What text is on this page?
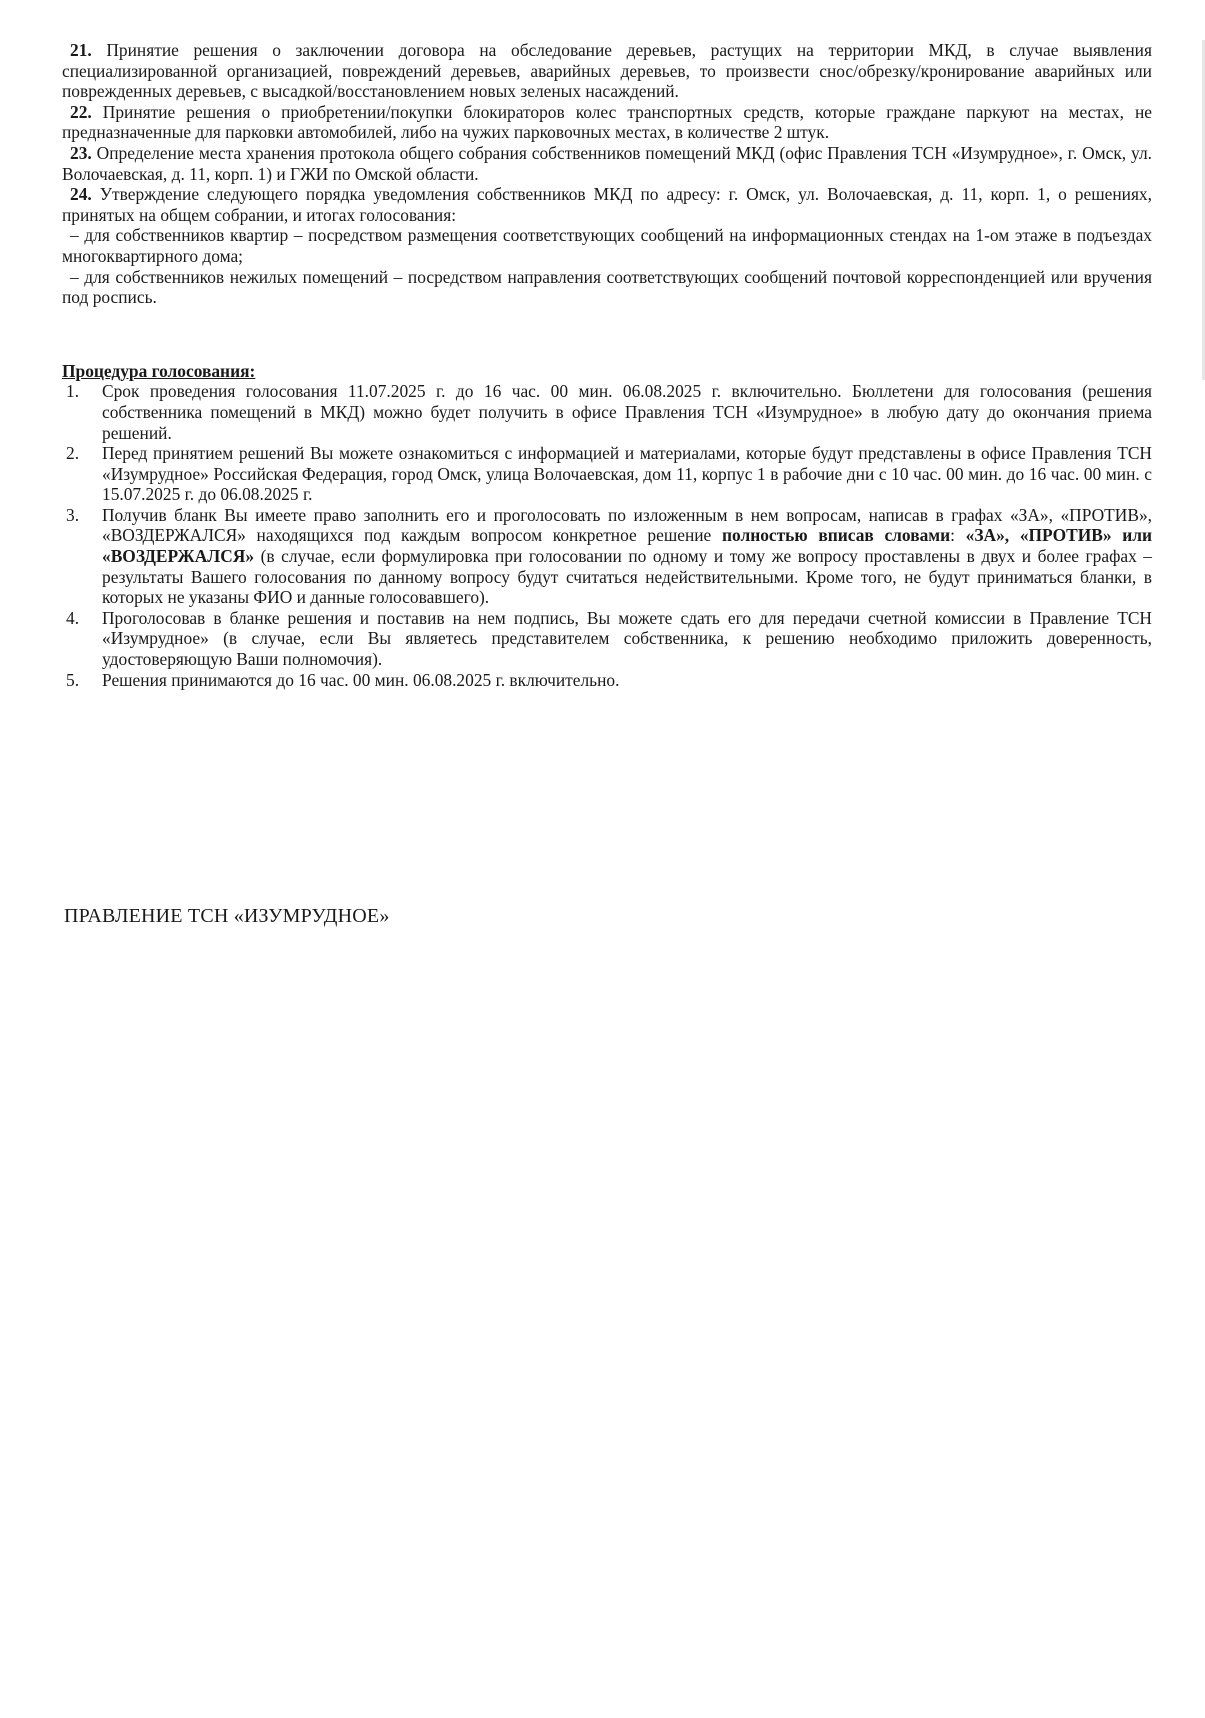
21. Принятие решения о заключении договора на обследование деревьев, растущих на территории МКД, в случае выявления специализированной организацией, повреждений деревьев, аварийных деревьев, то произвести снос/обрезку/кронирование аварийных или поврежденных деревьев, с высадкой/восстановлением новых зеленых насаждений.

22. Принятие решения о приобретении/покупки блокираторов колес транспортных средств, которые граждане паркуют на местах, не предназначенные для парковки автомобилей, либо на чужих парковочных местах, в количестве 2 штук.

23. Определение места хранения протокола общего собрания собственников помещений МКД (офис Правления ТСН «Изумрудное», г. Омск, ул. Волочаевская, д. 11, корп. 1) и ГЖИ по Омской области.

24. Утверждение следующего порядка уведомления собственников МКД по адресу: г. Омск, ул. Волочаевская, д. 11, корп. 1, о решениях, принятых на общем собрании, и итогах голосования:

– для собственников квартир – посредством размещения соответствующих сообщений на информационных стендах на 1-ом этаже в подъездах многоквартирного дома;

– для собственников нежилых помещений – посредством направления соответствующих сообщений почтовой корреспонденцией или вручения под роспись.

Процедура голосования:

1. Срок проведения голосования 11.07.2025 г. до 16 час. 00 мин. 06.08.2025 г. включительно. Бюллетени для голосования (решения собственника помещений в МКД) можно будет получить в офисе Правления ТСН «Изумрудное» в любую дату до окончания приема решений.
2. Перед принятием решений Вы можете ознакомиться с информацией и материалами, которые будут представлены в офисе Правления ТСН «Изумрудное» Российская Федерация, город Омск, улица Волочаевская, дом 11, корпус 1 в рабочие дни с 10 час. 00 мин. до 16 час. 00 мин. с 15.07.2025 г. до 06.08.2025 г.
3. Получив бланк Вы имеете право заполнить его и проголосовать по изложенным в нем вопросам, написав в графах «ЗА», «ПРОТИВ», «ВОЗДЕРЖАЛСЯ» находящихся под каждым вопросом конкретное решение полностью вписав словами: «ЗА», «ПРОТИВ» или «ВОЗДЕРЖАЛСЯ» (в случае, если формулировка при голосовании по одному и тому же вопросу проставлены в двух и более графах – результаты Вашего голосования по данному вопросу будут считаться недействительными. Кроме того, не будут приниматься бланки, в которых не указаны ФИО и данные голосовавшего).
4. Проголосовав в бланке решения и поставив на нем подпись, Вы можете сдать его для передачи счетной комиссии в Правление ТСН «Изумрудное» (в случае, если Вы являетесь представителем собственника, к решению необходимо приложить доверенность, удостоверяющую Ваши полномочия).
5. Решения принимаются до 16 час. 00 мин. 06.08.2025 г. включительно.
ПРАВЛЕНИЕ ТСН «ИЗУМРУДНОЕ»
